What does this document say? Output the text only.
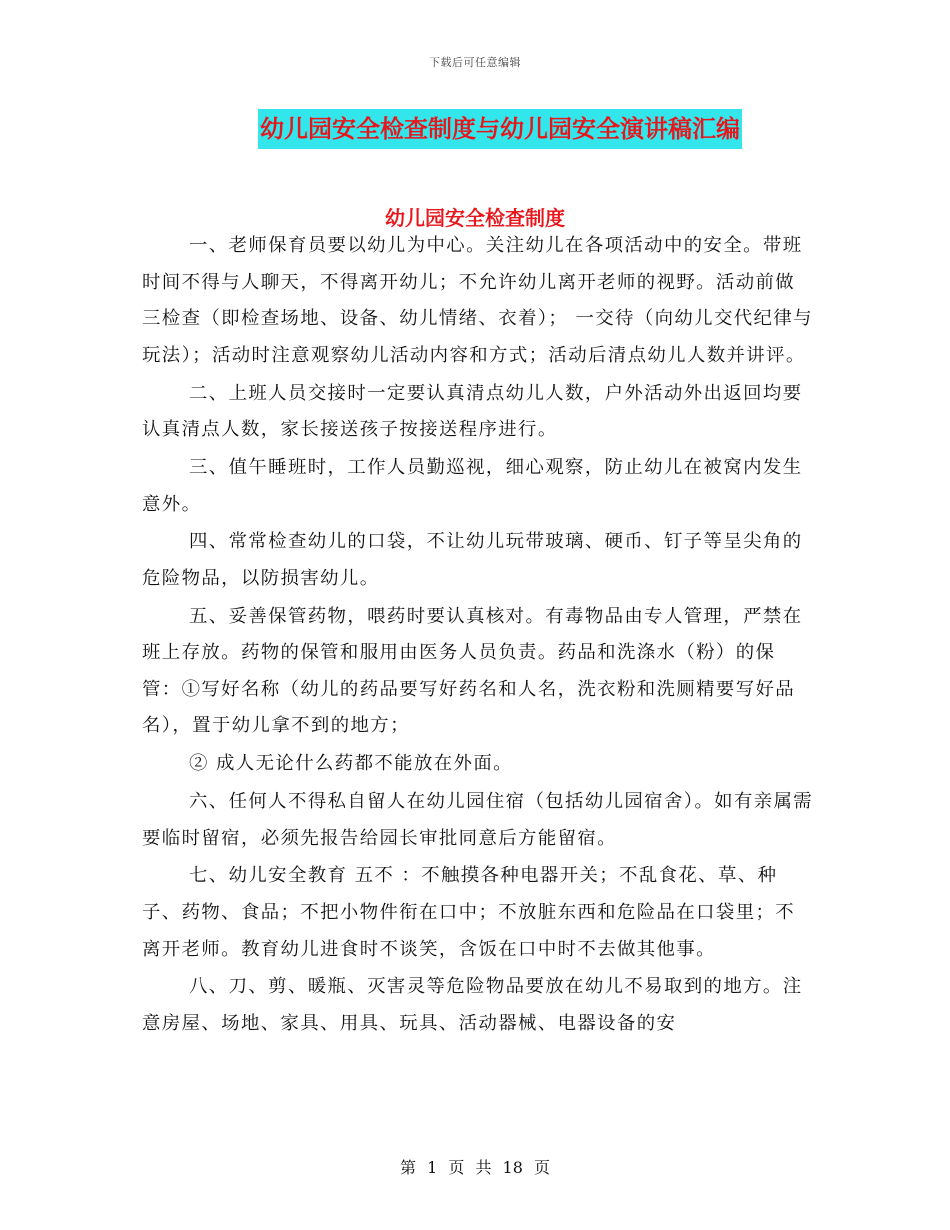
下载后可任意编辑
幼儿园安全检查制度与幼儿园安全演讲稿汇编
幼儿园安全检查制度

一、老师保育员要以幼儿为中心。关注幼儿在各项活动中的安全。带班时间不得与人聊天，不得离开幼儿；不允许幼儿离开老师的视野。活动前做 三检查（即检查场地、设备、幼儿情绪、衣着）； 一交待（向幼儿交代纪律与玩法）；活动时注意观察幼儿活动内容和方式；活动后清点幼儿人数并讲评。

二、上班人员交接时一定要认真清点幼儿人数，户外活动外出返回均要认真清点人数，家长接送孩子按接送程序进行。

三、值午睡班时，工作人员勤巡视，细心观察，防止幼儿在被窝内发生意外。

四、常常检查幼儿的口袋，不让幼儿玩带玻璃、硬币、钉子等呈尖角的危险物品，以防损害幼儿。

五、妥善保管药物，喂药时要认真核对。有毒物品由专人管理，严禁在班上存放。药物的保管和服用由医务人员负责。药品和洗涤水（粉）的保管：①写好名称（幼儿的药品要写好药名和人名，洗衣粉和洗厕精要写好品名），置于幼儿拿不到的地方；

② 成人无论什么药都不能放在外面。

六、任何人不得私自留人在幼儿园住宿（包括幼儿园宿舍）。如有亲属需要临时留宿，必须先报告给园长审批同意后方能留宿。

七、幼儿安全教育 五不 ：不触摸各种电器开关；不乱食花、草、种子、药物、食品；不把小物件衔在口中；不放脏东西和危险品在口袋里；不离开老师。教育幼儿进食时不谈笑，含饭在口中时不去做其他事。

八、刀、剪、暖瓶、灭害灵等危险物品要放在幼儿不易取到的地方。注意房屋、场地、家具、用具、玩具、活动器械、电器设备的安

第 1 页 共 18 页
